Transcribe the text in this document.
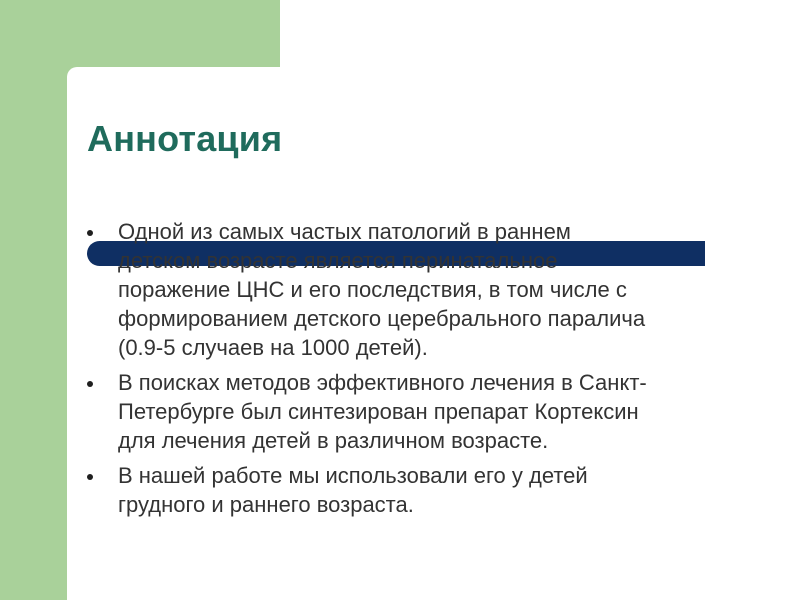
Аннотация
Одной из самых частых патологий в раннем
детском возрасте является перинатальное
поражение ЦНС и его последствия, в том числе с
формированием детского церебрального паралича
(0.9-5 случаев на 1000 детей).
В поисках методов эффективного лечения в Санкт-
Петербурге был синтезирован препарат Кортексин
для лечения детей в различном возрасте.
В нашей работе мы использовали его у детей
грудного и раннего возраста.
